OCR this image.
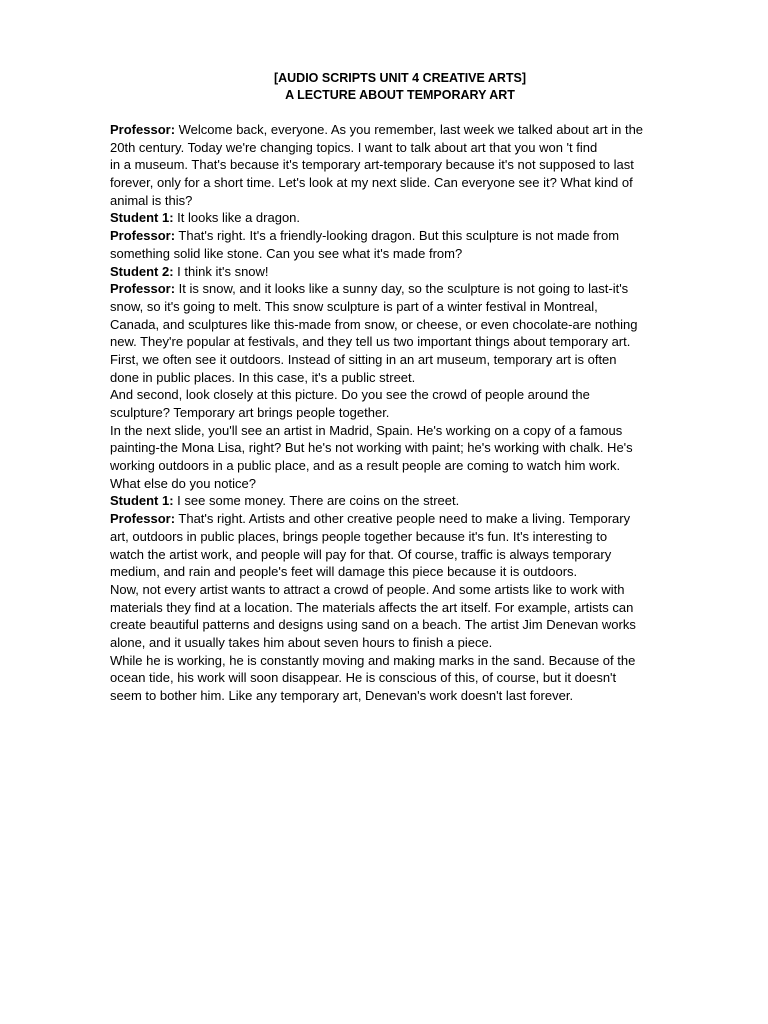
[AUDIO SCRIPTS UNIT 4 CREATIVE ARTS]
A LECTURE ABOUT TEMPORARY ART
Professor: Welcome back, everyone. As you remember, last week we talked about art in the
20th century. Today we're changing topics. I want to talk about art that you won 't find
in a museum. That's because it's temporary art-temporary because it's not supposed to last
forever, only for a short time. Let's look at my next slide. Can everyone see it? What kind of
animal is this?
Student 1: It looks like a dragon.
Professor: That's right. It's a friendly-looking dragon. But this sculpture is not made from
something solid like stone. Can you see what it's made from?
Student 2: I think it's snow!
Professor: It is snow, and it looks like a sunny day, so the sculpture is not going to last-it's
snow, so it's going to melt. This snow sculpture is part of a winter festival in Montreal,
Canada, and sculptures like this-made from snow, or cheese, or even chocolate-are nothing
new. They're popular at festivals, and they tell us two important things about temporary art.
First, we often see it outdoors. Instead of sitting in an art museum, temporary art is often
done in public places. In this case, it's a public street.
And second, look closely at this picture. Do you see the crowd of people around the
sculpture? Temporary art brings people together.
In the next slide, you'll see an artist in Madrid, Spain. He's working on a copy of a famous
painting-the Mona Lisa, right? But he's not working with paint; he's working with chalk. He's
working outdoors in a public place, and as a result people are coming to watch him work.
What else do you notice?
Student 1: I see some money. There are coins on the street.
Professor: That's right. Artists and other creative people need to make a living. Temporary
art, outdoors in public places, brings people together because it's fun. It's interesting to
watch the artist work, and people will pay for that. Of course, traffic is always temporary
medium, and rain and people's feet will damage this piece because it is outdoors.
Now, not every artist wants to attract a crowd of people. And some artists like to work with
materials they find at a location. The materials affects the art itself. For example, artists can
create beautiful patterns and designs using sand on a beach. The artist Jim Denevan works
alone, and it usually takes him about seven hours to finish a piece.
While he is working, he is constantly moving and making marks in the sand. Because of the
ocean tide, his work will soon disappear. He is conscious of this, of course, but it doesn't
seem to bother him. Like any temporary art, Denevan's work doesn't last forever.
